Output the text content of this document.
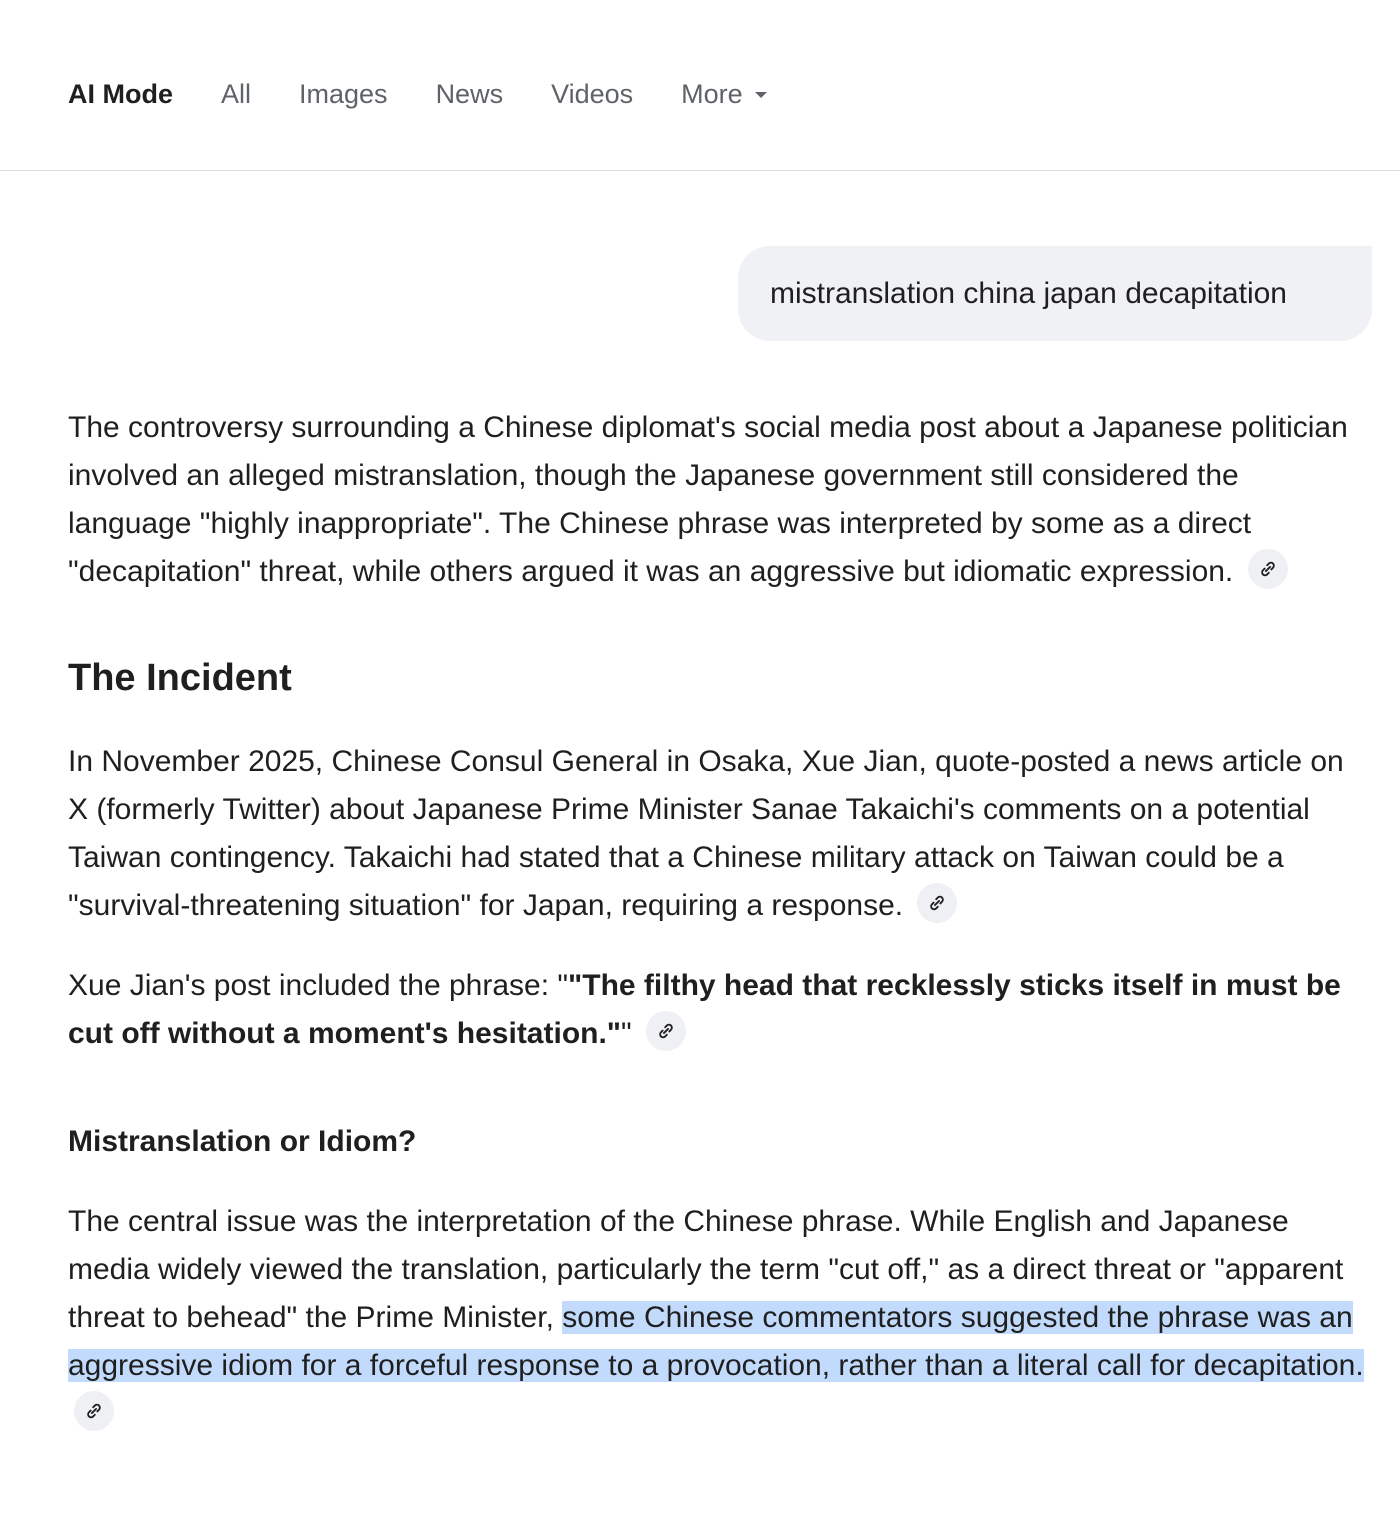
AI Mode All Images News Videos More
mistranslation china japan decapitation

The controversy surrounding a Chinese diplomat's social media post about a Japanese politician involved an alleged mistranslation, though the Japanese government still considered the language "highly inappropriate". The Chinese phrase was interpreted by some as a direct "decapitation" threat, while others argued it was an aggressive but idiomatic expression.

The Incident

In November 2025, Chinese Consul General in Osaka, Xue Jian, quote-posted a news article on X (formerly Twitter) about Japanese Prime Minister Sanae Takaichi's comments on a potential Taiwan contingency. Takaichi had stated that a Chinese military attack on Taiwan could be a "survival-threatening situation" for Japan, requiring a response.

Xue Jian's post included the phrase: ""The filthy head that recklessly sticks itself in must be cut off without a moment's hesitation.""

Mistranslation or Idiom?

The central issue was the interpretation of the Chinese phrase. While English and Japanese media widely viewed the translation, particularly the term "cut off," as a direct threat or "apparent threat to behead" the Prime Minister, some Chinese commentators suggested the phrase was an aggressive idiom for a forceful response to a provocation, rather than a literal call for decapitation.
